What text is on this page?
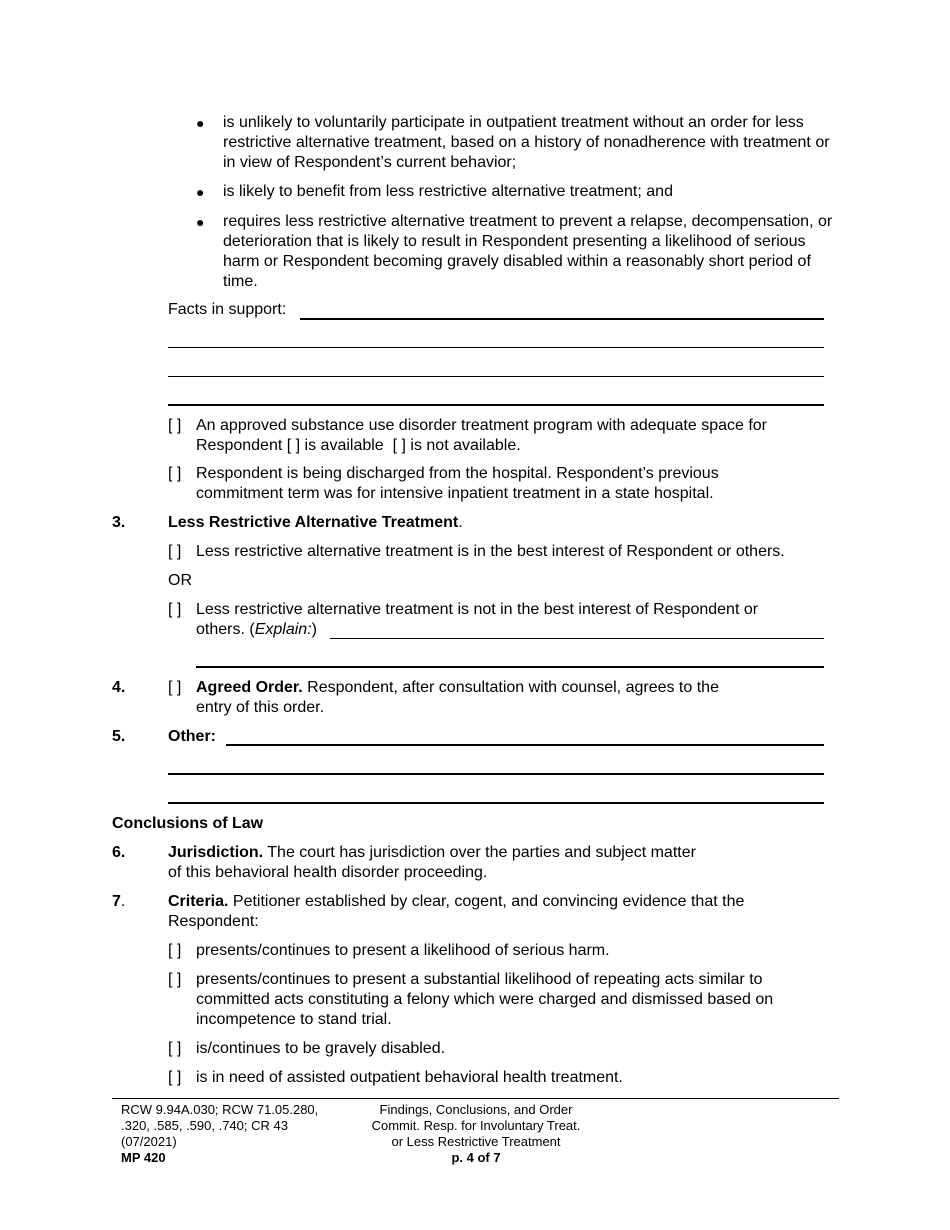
● is unlikely to voluntarily participate in outpatient treatment without an order for less restrictive alternative treatment, based on a history of nonadherence with treatment or in view of Respondent’s current behavior;
● is likely to benefit from less restrictive alternative treatment; and
● requires less restrictive alternative treatment to prevent a relapse, decompensation, or deterioration that is likely to result in Respondent presenting a likelihood of serious harm or Respondent becoming gravely disabled within a reasonably short period of time.
Facts in support:
[ ] An approved substance use disorder treatment program with adequate space for
Respondent [ ] is available [ ] is not available.
[ ] Respondent is being discharged from the hospital. Respondent’s previous
commitment term was for intensive inpatient treatment in a state hospital.
3.	Less Restrictive Alternative Treatment.
[ ] Less restrictive alternative treatment is in the best interest of Respondent or others.
OR
[ ] Less restrictive alternative treatment is not in the best interest of Respondent or
others. (Explain:)
4.	[ ] Agreed Order. Respondent, after consultation with counsel, agrees to the
entry of this order.
5.	Other:
Conclusions of Law
6.	Jurisdiction. The court has jurisdiction over the parties and subject matter
of this behavioral health disorder proceeding.
7.	Criteria. Petitioner established by clear, cogent, and convincing evidence that the
Respondent:
[ ] presents/continues to present a likelihood of serious harm.
[ ] presents/continues to present a substantial likelihood of repeating acts similar to
committed acts constituting a felony which were charged and dismissed based on
incompetence to stand trial.
[ ] is/continues to be gravely disabled.
[ ] is in need of assisted outpatient behavioral health treatment.
RCW 9.94A.030; RCW 71.05.280,
.320, .585, .590, .740; CR 43
(07/2021)
MP 420
Findings, Conclusions, and Order
Commit. Resp. for Involuntary Treat.
or Less Restrictive Treatment
p. 4 of 7
